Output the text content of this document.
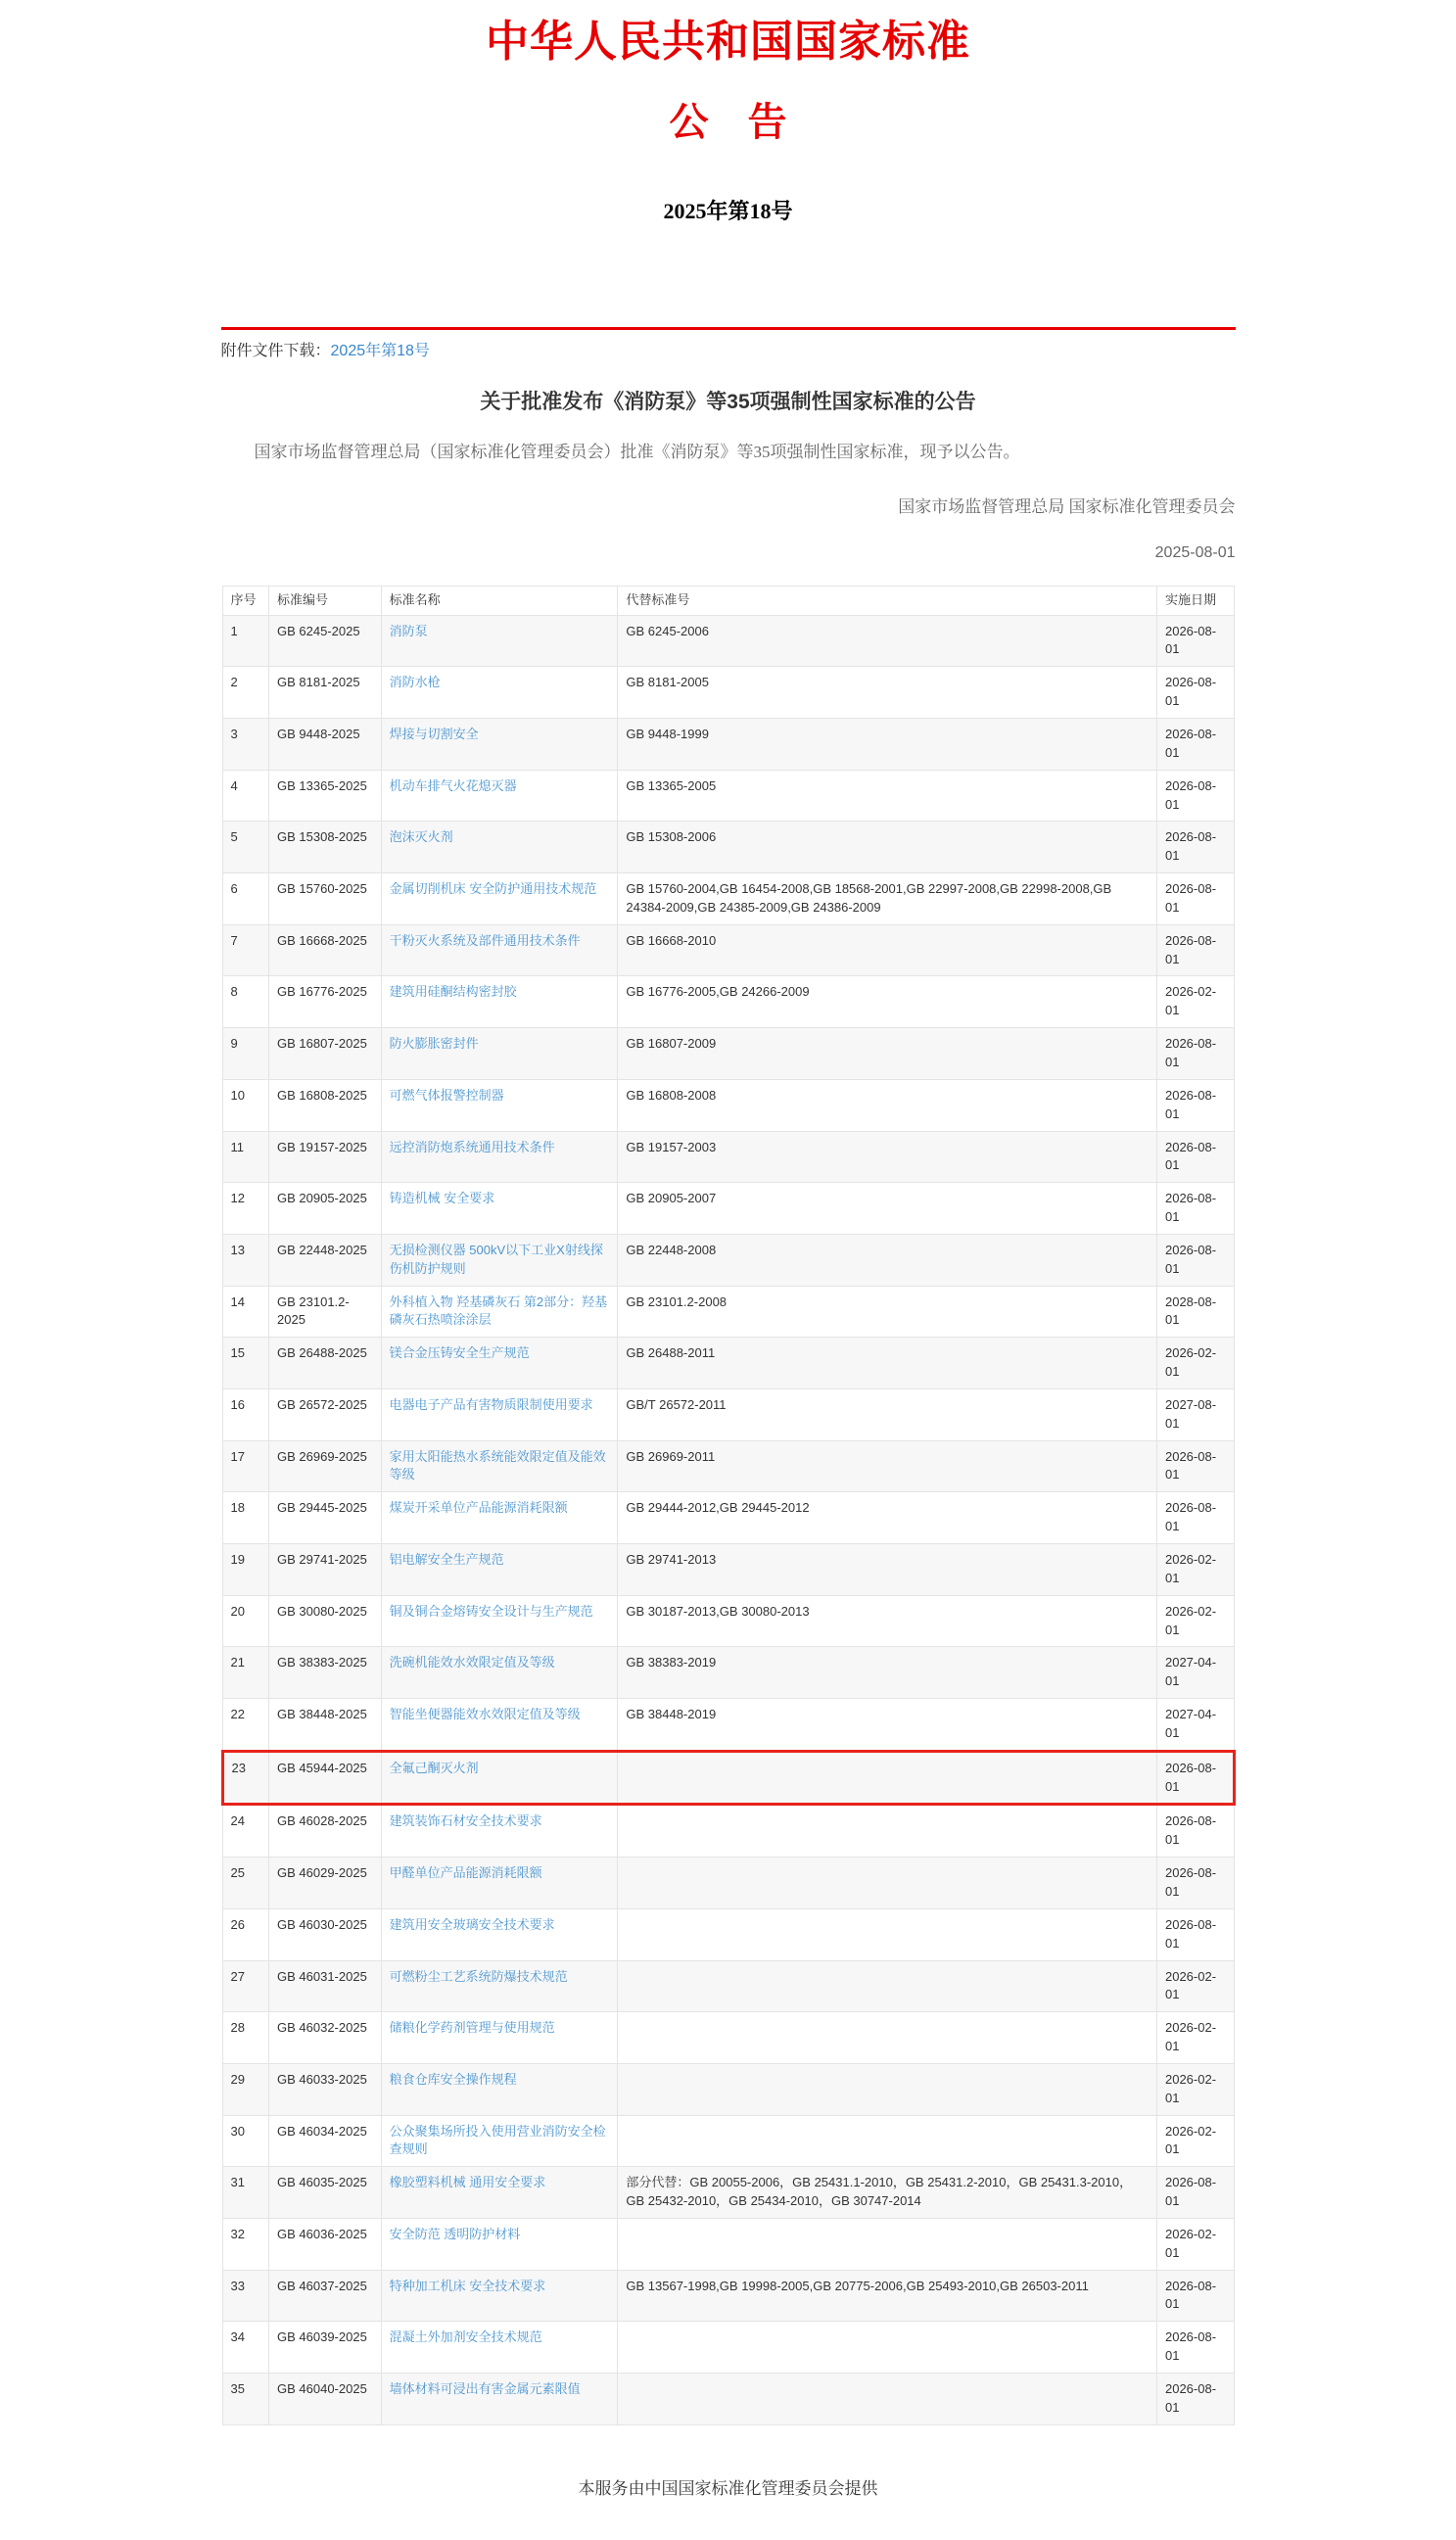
中华人民共和国国家标准
公　告
2025年第18号
附件文件下载：2025年第18号
关于批准发布《消防泵》等35项强制性国家标准的公告

国家市场监督管理总局（国家标准化管理委员会）批准《消防泵》等35项强制性国家标准，现予以公告。

国家市场监督管理总局 国家标准化管理委员会
2025-08-01
序号	标准编号	标准名称	代替标准号	实施日期
1	GB 6245-2025	消防泵	GB 6245-2006	2026-08-01
2	GB 8181-2025	消防水枪	GB 8181-2005	2026-08-01
3	GB 9448-2025	焊接与切割安全	GB 9448-1999	2026-08-01
4	GB 13365-2025	机动车排气火花熄灭器	GB 13365-2005	2026-08-01
5	GB 15308-2025	泡沫灭火剂	GB 15308-2006	2026-08-01
6	GB 15760-2025	金属切削机床 安全防护通用技术规范	GB 15760-2004,GB 16454-2008,GB 18568-2001,GB 22997-2008,GB 22998-2008,GB 24384-2009,GB 24385-2009,GB 24386-2009	2026-08-01
7	GB 16668-2025	干粉灭火系统及部件通用技术条件	GB 16668-2010	2026-08-01
8	GB 16776-2025	建筑用硅酮结构密封胶	GB 16776-2005,GB 24266-2009	2026-02-01
9	GB 16807-2025	防火膨胀密封件	GB 16807-2009	2026-08-01
10	GB 16808-2025	可燃气体报警控制器	GB 16808-2008	2026-08-01
11	GB 19157-2025	远控消防炮系统通用技术条件	GB 19157-2003	2026-08-01
12	GB 20905-2025	铸造机械 安全要求	GB 20905-2007	2026-08-01
13	GB 22448-2025	无损检测仪器 500kV以下工业X射线探伤机防护规则	GB 22448-2008	2026-08-01
14	GB 23101.2-2025	外科植入物 羟基磷灰石 第2部分：羟基磷灰石热喷涂涂层	GB 23101.2-2008	2028-08-01
15	GB 26488-2025	镁合金压铸安全生产规范	GB 26488-2011	2026-02-01
16	GB 26572-2025	电器电子产品有害物质限制使用要求	GB/T 26572-2011	2027-08-01
17	GB 26969-2025	家用太阳能热水系统能效限定值及能效等级	GB 26969-2011	2026-08-01
18	GB 29445-2025	煤炭开采单位产品能源消耗限额	GB 29444-2012,GB 29445-2012	2026-08-01
19	GB 29741-2025	铝电解安全生产规范	GB 29741-2013	2026-02-01
20	GB 30080-2025	铜及铜合金熔铸安全设计与生产规范	GB 30187-2013,GB 30080-2013	2026-02-01
21	GB 38383-2025	洗碗机能效水效限定值及等级	GB 38383-2019	2027-04-01
22	GB 38448-2025	智能坐便器能效水效限定值及等级	GB 38448-2019	2027-04-01
23	GB 45944-2025	全氟己酮灭火剂		2026-08-01
24	GB 46028-2025	建筑装饰石材安全技术要求		2026-08-01
25	GB 46029-2025	甲醛单位产品能源消耗限额		2026-08-01
26	GB 46030-2025	建筑用安全玻璃安全技术要求		2026-08-01
27	GB 46031-2025	可燃粉尘工艺系统防爆技术规范		2026-02-01
28	GB 46032-2025	储粮化学药剂管理与使用规范		2026-02-01
29	GB 46033-2025	粮食仓库安全操作规程		2026-02-01
30	GB 46034-2025	公众聚集场所投入使用营业消防安全检查规则		2026-02-01
31	GB 46035-2025	橡胶塑料机械 通用安全要求	部分代替：GB 20055-2006，GB 25431.1-2010，GB 25431.2-2010，GB 25431.3-2010，GB 25432-2010，GB 25434-2010，GB 30747-2014	2026-08-01
32	GB 46036-2025	安全防范 透明防护材料		2026-02-01
33	GB 46037-2025	特种加工机床 安全技术要求	GB 13567-1998,GB 19998-2005,GB 20775-2006,GB 25493-2010,GB 26503-2011	2026-08-01
34	GB 46039-2025	混凝土外加剂安全技术规范		2026-08-01
35	GB 46040-2025	墙体材料可浸出有害金属元素限值		2026-08-01
本服务由中国国家标准化管理委员会提供
